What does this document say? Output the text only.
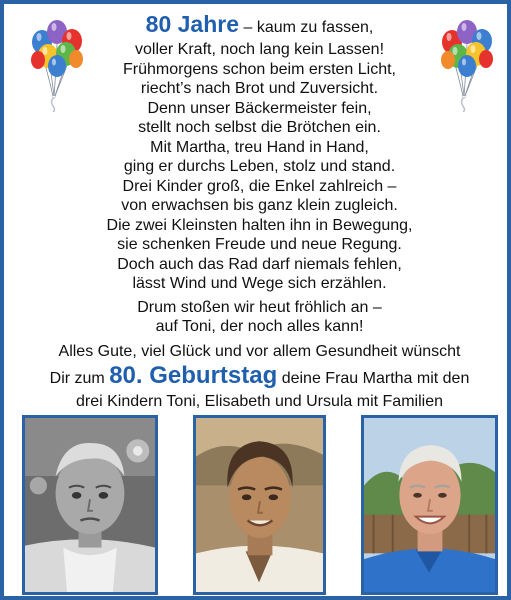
80 Jahre – kaum zu fassen,
voller Kraft, noch lang kein Lassen!
Frühmorgens schon beim ersten Licht,
riecht’s nach Brot und Zuversicht.
Denn unser Bäckermeister fein,
stellt noch selbst die Brötchen ein.
Mit Martha, treu Hand in Hand,
ging er durchs Leben, stolz und stand.
Drei Kinder groß, die Enkel zahlreich –
von erwachsen bis ganz klein zugleich.
Die zwei Kleinsten halten ihn in Bewegung,
sie schenken Freude und neue Regung.
Doch auch das Rad darf niemals fehlen,
lässt Wind und Wege sich erzählen.
Drum stoßen wir heut fröhlich an –
auf Toni, der noch alles kann!
Alles Gute, viel Glück und vor allem Gesundheit wünscht
Dir zum 80. Geburtstag deine Frau Martha mit den
drei Kindern Toni, Elisabeth und Ursula mit Familien
